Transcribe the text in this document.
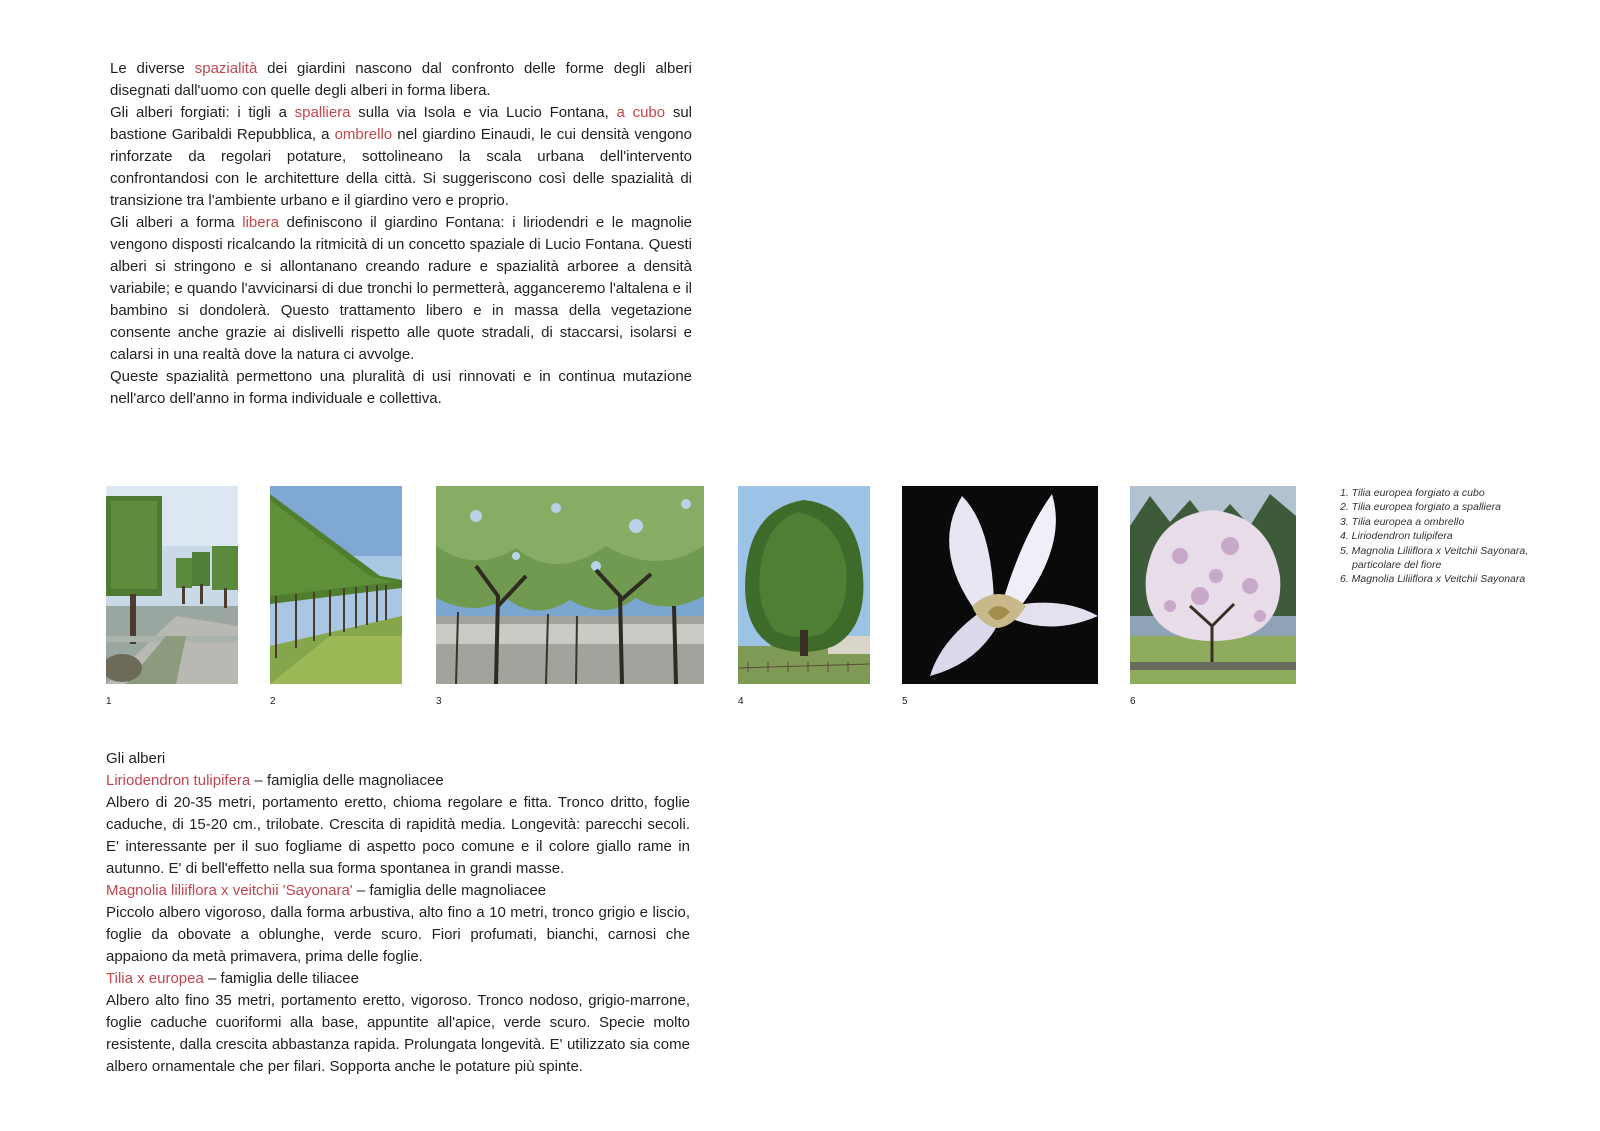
Le diverse spazialità dei giardini nascono dal confronto delle forme degli alberi disegnati dall'uomo con quelle degli alberi in forma libera.

Gli alberi forgiati: i tigli a spalliera sulla via Isola e via Lucio Fontana, a cubo sul bastione Garibaldi Repubblica, a ombrello nel giardino Einaudi, le cui densità vengono rinforzate da regolari potature, sottolineano la scala urbana dell'intervento confrontandosi con le architetture della città. Si suggeriscono così delle spazialità di transizione tra l'ambiente urbano e il giardino vero e proprio.

Gli alberi a forma libera definiscono il giardino Fontana: i liriodendri e le magnolie vengono disposti ricalcando la ritmicità di un concetto spaziale di Lucio Fontana. Questi alberi si stringono e si allontanano creando radure e spazialità arboree a densità variabile; e quando l'avvicinarsi di due tronchi lo permetterà, agganceremo l'altalena e il bambino si dondolerà. Questo trattamento libero e in massa della vegetazione consente anche grazie ai dislivelli rispetto alle quote stradali, di staccarsi, isolarsi e calarsi in una realtà dove la natura ci avvolge.

Queste spazialità permettono una pluralità di usi rinnovati e in continua mutazione nell'arco dell'anno in forma individuale e collettiva.

1	2	3	4	5	6
1. Tilia europea forgiato a cubo
2. Tilia europea forgiato a spalliera
3. Tilia europea a ombrello
4. Liriodendron tulipifera
5. Magnolia Liliiflora x Veitchii Sayonara,
particolare del fiore
6. Magnolia Liliiflora x Veitchii Sayonara

Gli alberi

Liriodendron tulipifera – famiglia delle magnoliacee

Albero di 20-35 metri, portamento eretto, chioma regolare e fitta. Tronco dritto, foglie caduche, di 15-20 cm., trilobate. Crescita di rapidità media. Longevità: parecchi secoli. E' interessante per il suo fogliame di aspetto poco comune e il colore giallo rame in autunno. E' di bell'effetto nella sua forma spontanea in grandi masse.

Magnolia liliiflora x veitchii 'Sayonara' – famiglia delle magnoliacee

Piccolo albero vigoroso, dalla forma arbustiva, alto fino a 10 metri, tronco grigio e liscio, foglie da obovate a oblunghe, verde scuro. Fiori profumati, bianchi, carnosi che appaiono da metà primavera, prima delle foglie.

Tilia x europea – famiglia delle tiliacee

Albero alto fino 35 metri, portamento eretto, vigoroso. Tronco nodoso, grigio-marrone, foglie caduche cuoriformi alla base, appuntite all'apice, verde scuro. Specie molto resistente, dalla crescita abbastanza rapida. Prolungata longevità. E' utilizzato sia come albero ornamentale che per filari. Sopporta anche le potature più spinte.
